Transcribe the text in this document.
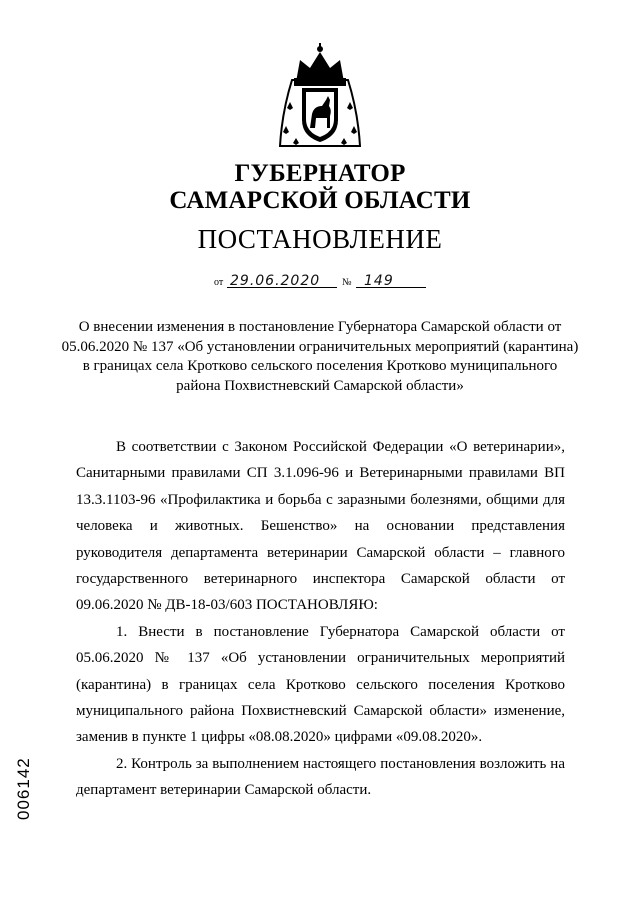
ГУБЕРНАТОР
САМАРСКОЙ ОБЛАСТИ
ПОСТАНОВЛЕНИЕ
от 29.06.2020 № 149
О внесении изменения в постановление Губернатора Самарской области от 05.06.2020 № 137 «Об установлении ограничительных мероприятий (карантина) в границах села Кротково сельского поселения Кротково муниципального района Похвистневский Самарской области»

В соответствии с Законом Российской Федерации «О ветеринарии», Санитарными правилами СП 3.1.096-96 и Ветеринарными правилами ВП 13.3.1103-96 «Профилактика и борьба с заразными болезнями, общими для человека и животных. Бешенство» на основании представления руководителя департамента ветеринарии Самарской области – главного государственного ветеринарного инспектора Самарской области от 09.06.2020 № ДВ-18-03/603 ПОСТАНОВЛЯЮ:

1. Внести в постановление Губернатора Самарской области от 05.06.2020 № 137 «Об установлении ограничительных мероприятий (карантина) в границах села Кротково сельского поселения Кротково муниципального района Похвистневский Самарской области» изменение, заменив в пункте 1 цифры «08.08.2020» цифрами «09.08.2020».

2. Контроль за выполнением настоящего постановления возложить на департамент ветеринарии Самарской области.

006142
